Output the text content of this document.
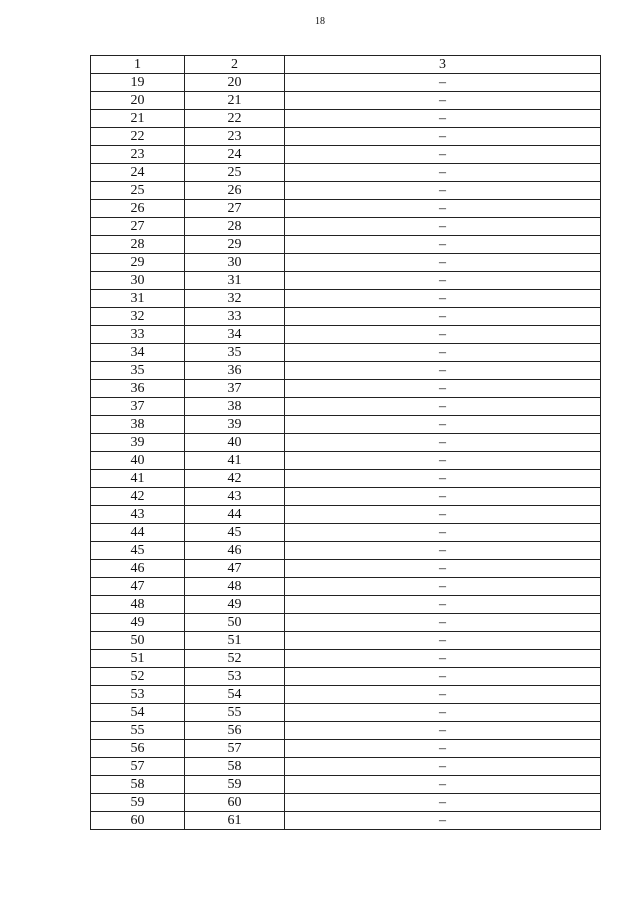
18
1	2	3
19	20	–
20	21	–
21	22	–
22	23	–
23	24	–
24	25	–
25	26	–
26	27	–
27	28	–
28	29	–
29	30	–
30	31	–
31	32	–
32	33	–
33	34	–
34	35	–
35	36	–
36	37	–
37	38	–
38	39	–
39	40	–
40	41	–
41	42	–
42	43	–
43	44	–
44	45	–
45	46	–
46	47	–
47	48	–
48	49	–
49	50	–
50	51	–
51	52	–
52	53	–
53	54	–
54	55	–
55	56	–
56	57	–
57	58	–
58	59	–
59	60	–
60	61	–
